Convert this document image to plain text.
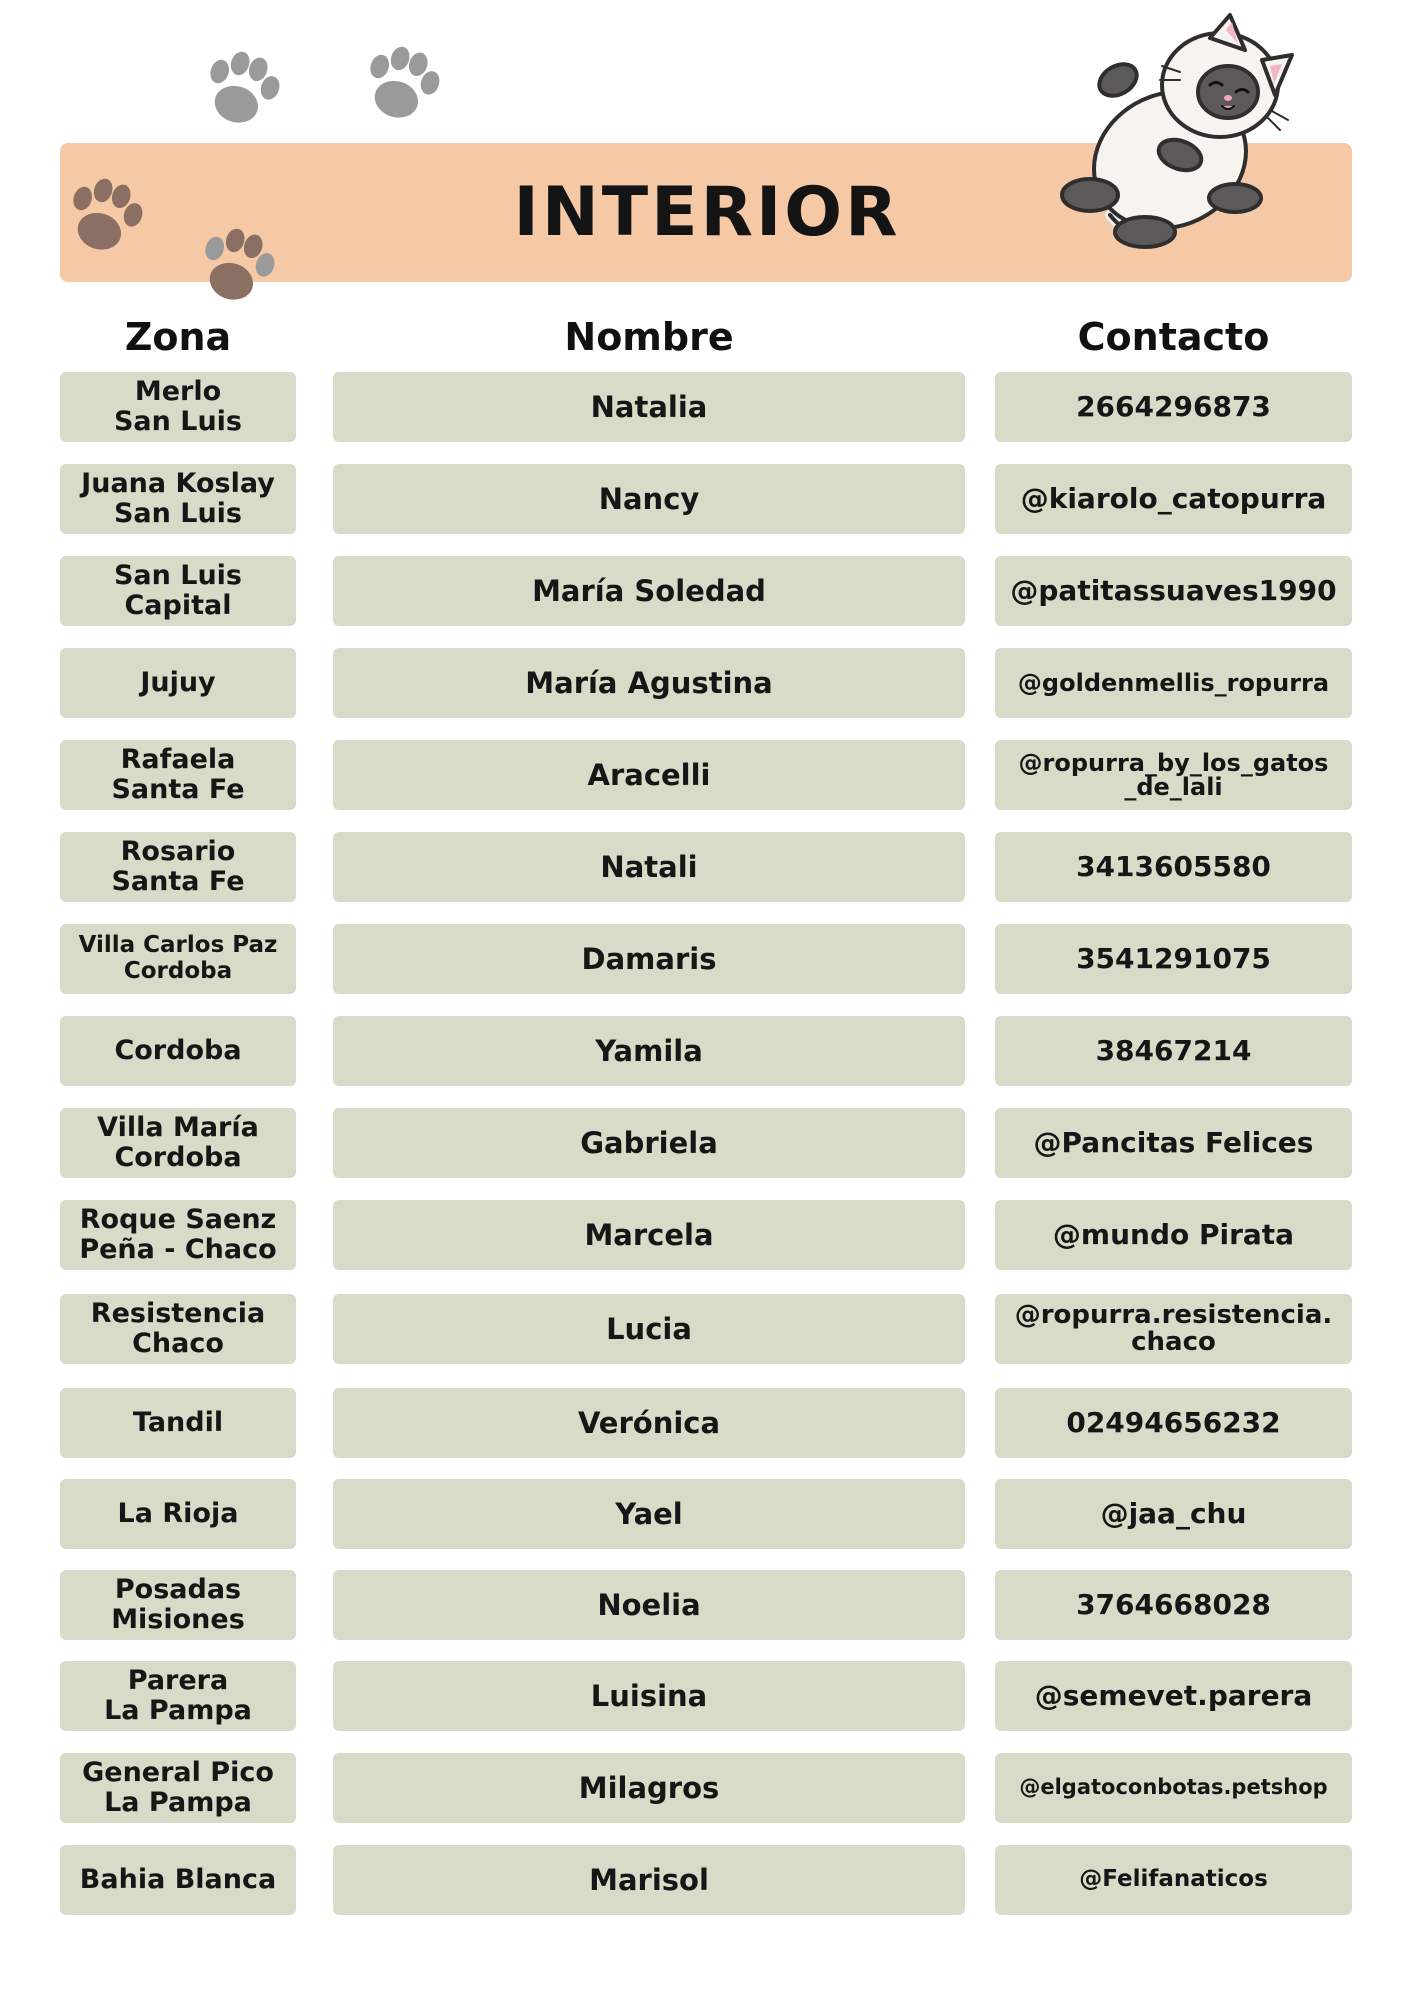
INTERIOR
Zona	Nombre	Contacto
Merlo
San Luis	Natalia	2664296873
Juana Koslay
San Luis	Nancy	@kiarolo_catopurra
San Luis
Capital	María Soledad	@patitassuaves1990
Jujuy	María Agustina	@goldenmellis_ropurra
Rafaela
Santa Fe	Aracelli	@ropurra_by_los_gatos
_de_lali
Rosario
Santa Fe	Natali	3413605580
Villa Carlos Paz
Cordoba	Damaris	3541291075
Cordoba	Yamila	38467214
Villa María
Cordoba	Gabriela	@Pancitas Felices
Roque Saenz
Peña - Chaco	Marcela	@mundo Pirata
Resistencia
Chaco	Lucia	@ropurra.resistencia.
chaco
Tandil	Verónica	02494656232
La Rioja	Yael	@jaa_chu
Posadas
Misiones	Noelia	3764668028
Parera
La Pampa	Luisina	@semevet.parera
General Pico
La Pampa	Milagros	@elgatoconbotas.petshop
Bahia Blanca	Marisol	@Felifanaticos
